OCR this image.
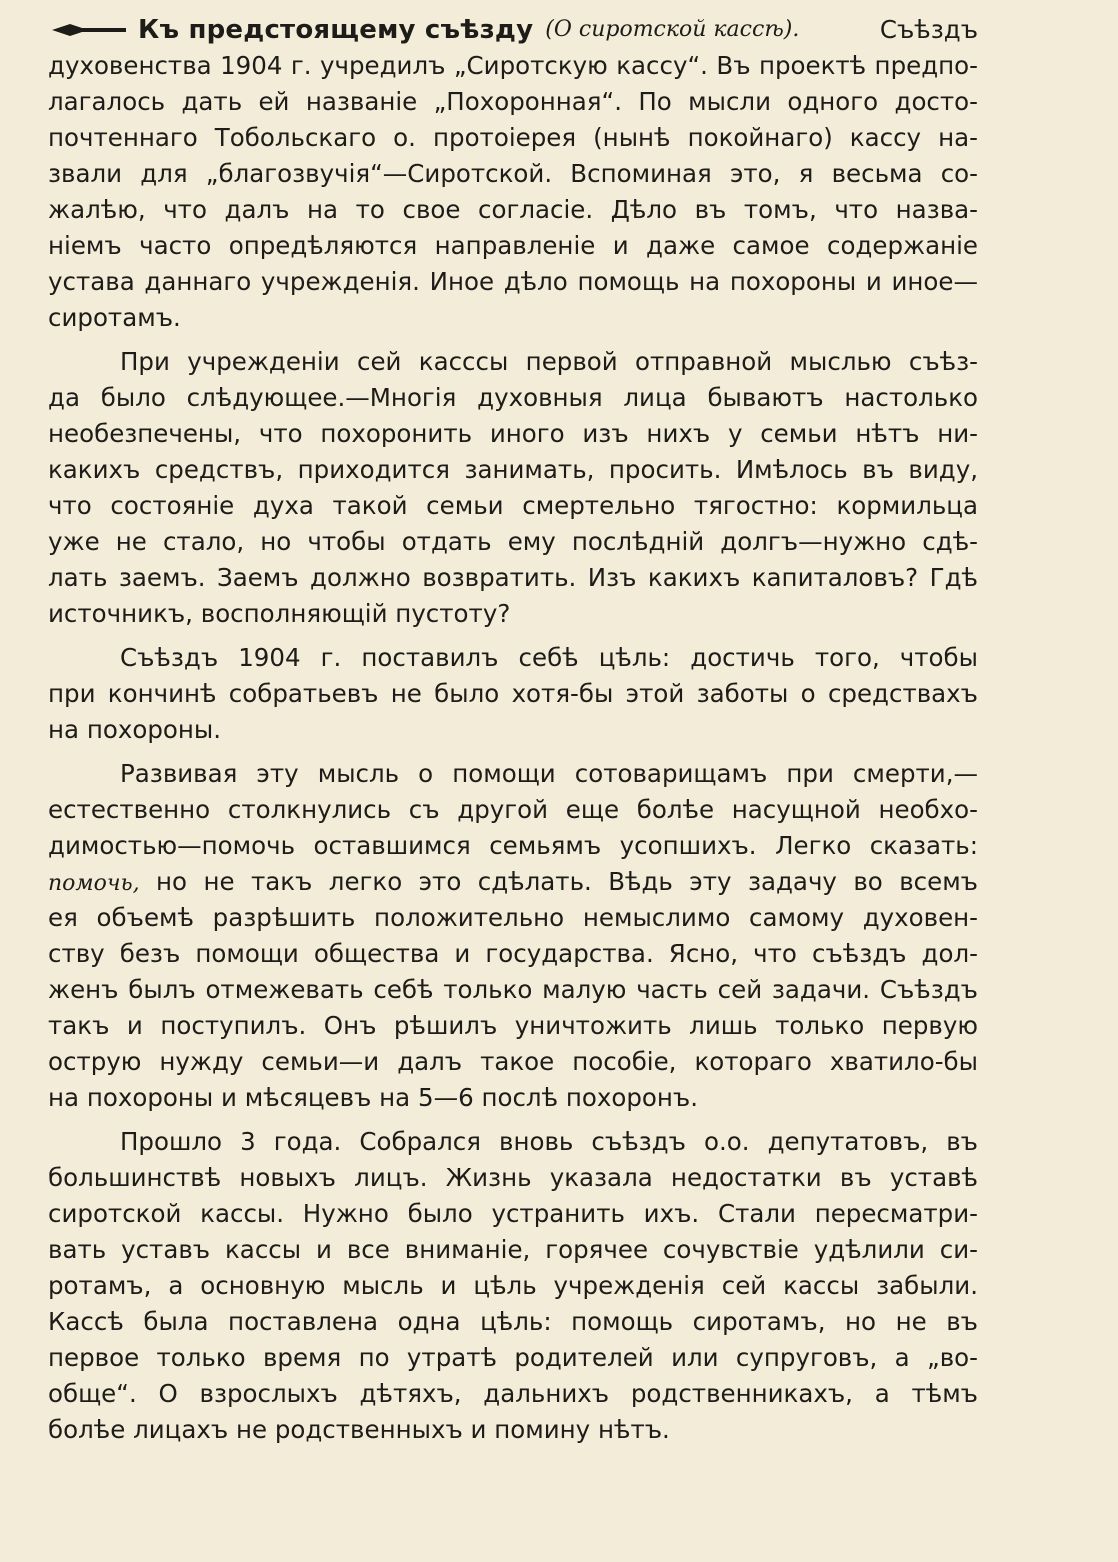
Къ предстоящему съѣзду (О сиротской кассѣ).	Съѣздъ
духовенства 1904 г. учредилъ „Сиротскую кассу“. Въ проектѣ предпо-
лагалось дать ей названіе „Похоронная“. По мысли одного досто-
почтеннаго Тобольскаго о. протоіерея (нынѣ покойнаго) кассу на-
звали для „благозвучія“—Сиротской. Вспоминая это, я весьма со-
жалѣю, что далъ на то свое согласіе. Дѣло въ томъ, что назва-
ніемъ часто опредѣляются направленіе и даже самое содержаніе
устава даннаго учрежденія. Иное дѣло помощь на похороны и иное—
сиротамъ.
При учрежденіи сей касссы первой отправной мыслью съѣз-
да было слѣдующее.—Многія духовныя лица бываютъ настолько
необезпечены, что похоронить иного изъ нихъ у семьи нѣтъ ни-
какихъ средствъ, приходится занимать, просить. Имѣлось въ виду,
что состояніе духа такой семьи смертельно тягостно: кормильца
уже не стало, но чтобы отдать ему послѣдній долгъ—нужно сдѣ-
лать заемъ. Заемъ должно возвратить. Изъ какихъ капиталовъ? Гдѣ
источникъ, восполняющій пустоту?
Съѣздъ 1904 г. поставилъ себѣ цѣль: достичь того, чтобы
при кончинѣ собратьевъ не было хотя-бы этой заботы о средствахъ
на похороны.
Развивая эту мысль о помощи сотоварищамъ при смерти,—
естественно столкнулись съ другой еще болѣе насущной необхо-
димостью—помочь оставшимся семьямъ усопшихъ. Легко сказать:
помочь, но не такъ легко это сдѣлать. Вѣдь эту задачу во всемъ
ея объемѣ разрѣшить положительно немыслимо самому духовен-
ству безъ помощи общества и государства. Ясно, что съѣздъ дол-
женъ былъ отмежевать себѣ только малую часть сей задачи. Съѣздъ
такъ и поступилъ. Онъ рѣшилъ уничтожить лишь только первую
острую нужду семьи—и далъ такое пособіе, котораго хватило-бы
на похороны и мѣсяцевъ на 5—6 послѣ похоронъ.
Прошло 3 года. Собрался вновь съѣздъ о.о. депутатовъ, въ
большинствѣ новыхъ лицъ. Жизнь указала недостатки въ уставѣ
сиротской кассы. Нужно было устранить ихъ. Стали пересматри-
вать уставъ кассы и все вниманіе, горячее сочувствіе удѣлили си-
ротамъ, а основную мысль и цѣль учрежденія сей кассы забыли.
Кассѣ была поставлена одна цѣль: помощь сиротамъ, но не въ
первое только время по утратѣ родителей или супруговъ, а „во-
обще“. О взрослыхъ дѣтяхъ, дальнихъ родственникахъ, а тѣмъ
болѣе лицахъ не родственныхъ и помину нѣтъ.
